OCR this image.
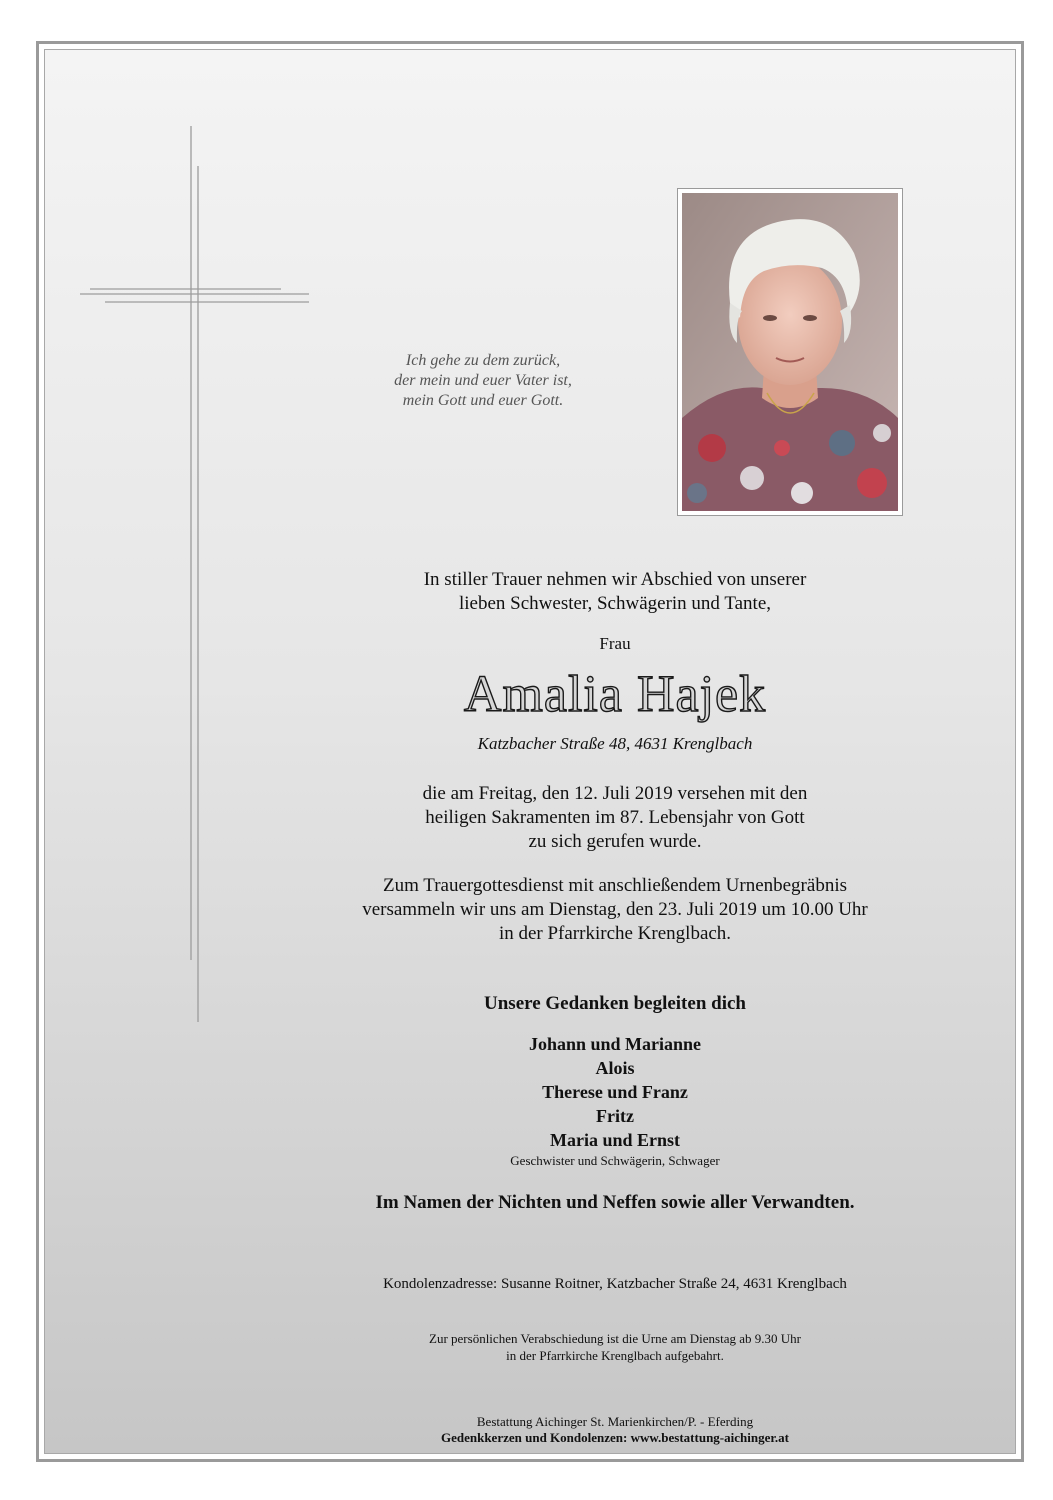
Ich gehe zu dem zurück,
der mein und euer Vater ist,
mein Gott und euer Gott.
In stiller Trauer nehmen wir Abschied von unserer
lieben Schwester, Schwägerin und Tante,
Frau
Amalia Hajek
Katzbacher Straße 48, 4631 Krenglbach
die am Freitag, den 12. Juli 2019 versehen mit den
heiligen Sakramenten im 87. Lebensjahr von Gott
zu sich gerufen wurde.
Zum Trauergottesdienst mit anschließendem Urnenbegräbnis
versammeln wir uns am Dienstag, den 23. Juli 2019 um 10.00 Uhr
in der Pfarrkirche Krenglbach.
Unsere Gedanken begleiten dich
Johann und Marianne
Alois
Therese und Franz
Fritz
Maria und Ernst
Geschwister und Schwägerin, Schwager
Im Namen der Nichten und Neffen sowie aller Verwandten.
Kondolenzadresse: Susanne Roitner, Katzbacher Straße 24, 4631 Krenglbach
Zur persönlichen Verabschiedung ist die Urne am Dienstag ab 9.30 Uhr
in der Pfarrkirche Krenglbach aufgebahrt.
Bestattung Aichinger St. Marienkirchen/P. - Eferding
Gedenkkerzen und Kondolenzen: www.bestattung-aichinger.at
